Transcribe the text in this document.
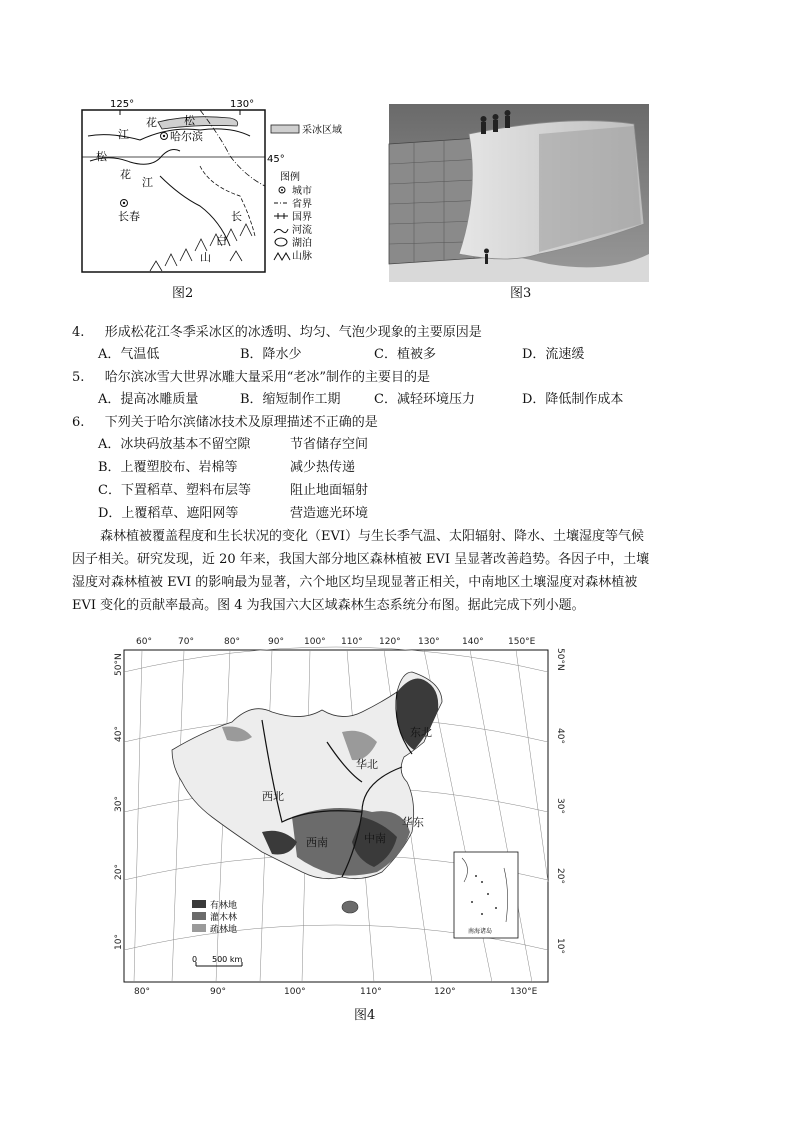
125°	130°
45°
江
花 松
哈尔滨
松
花
江
长春	长
白
山
采冰区域
图例
城市
省界
国界
河流
湖泊
山脉
图2	图3
4. 形成松花江冬季采冰区的冰透明、均匀、气泡少现象的主要原因是
A．气温低	B．降水少	C．植被多	D．流速缓
5. 哈尔滨冰雪大世界冰雕大量采用“老冰”制作的主要目的是
A．提高冰雕质量	B．缩短制作工期	C．减轻环境压力	D．降低制作成本
6. 下列关于哈尔滨储冰技术及原理描述不正确的是
A．冰块码放基本不留空隙	节省储存空间
B．上覆塑胶布、岩棉等	减少热传递
C．下置稻草、塑料布层等	阻止地面辐射
D．上覆稻草、遮阳网等	营造遮光环境
森林植被覆盖程度和生长状况的变化（EVI）与生长季气温、太阳辐射、降水、土壤湿度等气候
因子相关。研究发现，近 20 年来，我国大部分地区森林植被 EVI 呈显著改善趋势。各因子中，土壤
湿度对森林植被 EVI 的影响最为显著，六个地区均呈现显著正相关，中南地区土壤湿度对森林植被
EVI 变化的贡献率最高。图 4 为我国六大区域森林生态系统分布图。据此完成下列小题。
60°	70°	80°	90° 100° 110° 120° 130° 140°	150°E
80°	90°	100°	110°	120°	130°E
50°N
40°
30°
20°
10°
50°N
40°
30°
20°
10°
东北
华北
西北
华东
中南
西南
有林地
灌木林
疏林地
0 500 km
南海诸岛
图4
